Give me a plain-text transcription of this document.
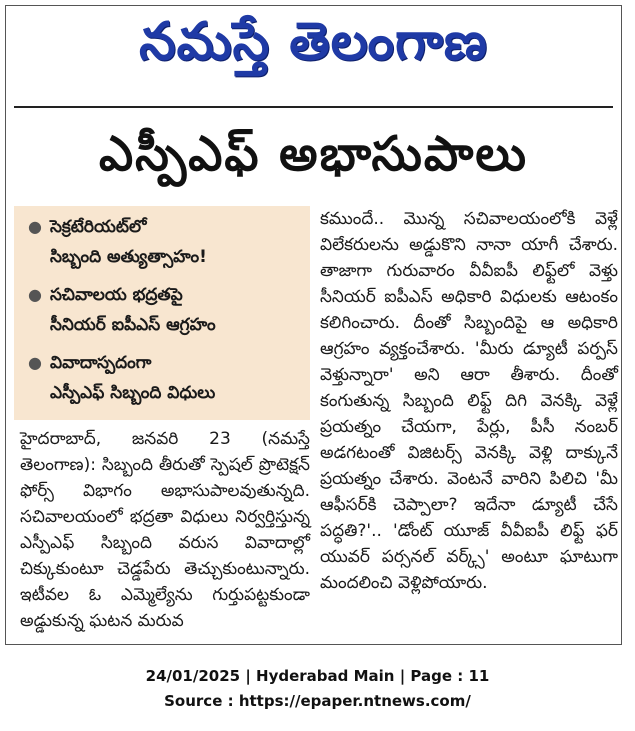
నమస్తే తెలంగాణ
ఎస్పీఎఫ్ అభాసుపాలు
● సెక్రటేరియట్‌లో
సిబ్బంది అత్యుత్సాహం!
● సచివాలయ భద్రతపై
సీనియర్ ఐపీఎస్ ఆగ్రహం
● వివాదాస్పదంగా
ఎస్పీఎఫ్ సిబ్బంది విధులు

హైదరాబాద్, జనవరి 23 (నమస్తే తెలంగాణ): సిబ్బంది తీరుతో స్పెషల్ ప్రొటెక్షన్ ఫోర్స్ విభాగం అభాసుపాలవుతున్నది. సచివాలయంలో భద్రతా విధులు నిర్వర్తిస్తున్న ఎస్పీఎఫ్ సిబ్బంది వరుస వివాదాల్లో చిక్కుకుంటూ చెడ్డపేరు తెచ్చుకుంటున్నారు. ఇటీవల ఓ ఎమ్మెల్యేను గుర్తుపట్టకుండా అడ్డుకున్న ఘటన మరువ

కముందే.. మొన్న సచివాలయంలోకి వెళ్లే విలేకరులను అడ్డుకొని నానా యాగీ చేశారు. తాజాగా గురువారం వీవీఐపీ లిఫ్ట్‌లో వెళ్తు సీనియర్ ఐపీఎస్ అధికారి విధులకు ఆటంకం కలిగించారు. దీంతో సిబ్బందిపై ఆ అధికారి ఆగ్రహం వ్యక్తంచేశారు. 'మీరు డ్యూటీ పర్పస్ వెళ్తున్నారా' అని ఆరా తీశారు. దీంతో కంగుతున్న సిబ్బంది లిఫ్ట్ దిగి వెనక్కి వెళ్లే ప్రయత్నం చేయగా, పేర్లు, పీసీ నంబర్ అడగటంతో విజిటర్స్ వెనక్కి వెళ్లి దాక్కునే ప్రయత్నం చేశారు. వెంటనే వారిని పిలిచి 'మీ ఆఫీసర్‌కి చెప్పాలా? ఇదేనా డ్యూటీ చేసే పద్ధతి?'.. 'డోంట్ యూజ్ వీవీఐపీ లిఫ్ట్ ఫర్ యువర్ పర్సనల్ వర్క్స్' అంటూ ఘాటుగా మందలించి వెళ్లిపోయారు.

24/01/2025 | Hyderabad Main | Page : 11
Source : https://epaper.ntnews.com/
